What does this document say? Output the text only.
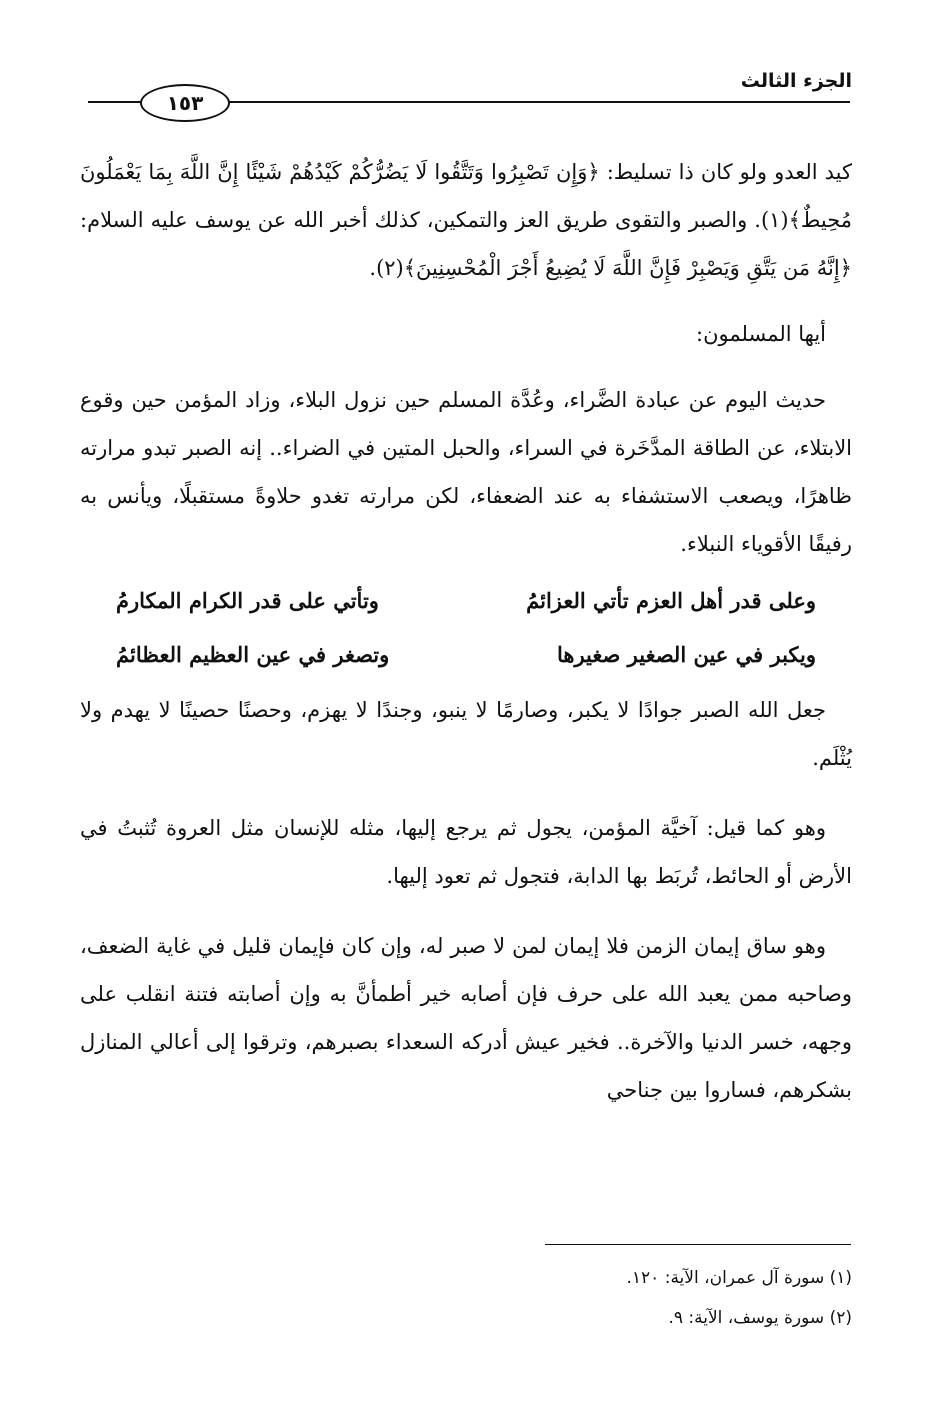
الجزء الثالث
١٥٣

كيد العدو ولو كان ذا تسليط: ﴿وَإِن تَصْبِرُوا وَتَتَّقُوا لَا يَضُرُّكُمْ كَيْدُهُمْ شَيْئًا إِنَّ اللَّهَ بِمَا يَعْمَلُونَ مُحِيطٌ﴾(١). والصبر والتقوى طريق العز والتمكين، كذلك أخبر الله عن يوسف عليه السلام: ﴿إِنَّهُ مَن يَتَّقِ وَيَصْبِرْ فَإِنَّ اللَّهَ لَا يُضِيعُ أَجْرَ الْمُحْسِنِينَ﴾(٢).

أيها المسلمون:

حديث اليوم عن عبادة الضَّراء، وعُدَّة المسلم حين نزول البلاء، وزاد المؤمن حين وقوع الابتلاء، عن الطاقة المدَّخَرة في السراء، والحبل المتين في الضراء.. إنه الصبر تبدو مرارته ظاهرًا، ويصعب الاستشفاء به عند الضعفاء، لكن مرارته تغدو حلاوةً مستقبلًا، ويأنس به رفيقًا الأقوياء النبلاء.

وعلى قدر أهل العزم تأتي العزائمُ
وتأتي على قدر الكرام المكارمُ
ويكبر في عين الصغير صغيرها
وتصغر في عين العظيم العظائمُ

جعل الله الصبر جوادًا لا يكبر، وصارمًا لا ينبو، وجندًا لا يهزم، وحصنًا حصينًا لا يهدم ولا يُثْلَم.

وهو كما قيل: آخيَّة المؤمن، يجول ثم يرجع إليها، مثله للإنسان مثل العروة تُثبتُ في الأرض أو الحائط، تُربَط بها الدابة، فتجول ثم تعود إليها.

وهو ساق إيمان الزمن فلا إيمان لمن لا صبر له، وإن كان فإيمان قليل في غاية الضعف، وصاحبه ممن يعبد الله على حرف فإن أصابه خير أطمأنَّ به وإن أصابته فتنة انقلب على وجهه، خسر الدنيا والآخرة.. فخير عيش أدركه السعداء بصبرهم، وترقوا إلى أعالي المنازل بشكرهم، فساروا بين جناحي

(١) سورة آل عمران، الآية: ١٢٠.

(٢) سورة يوسف، الآية: ٩.
